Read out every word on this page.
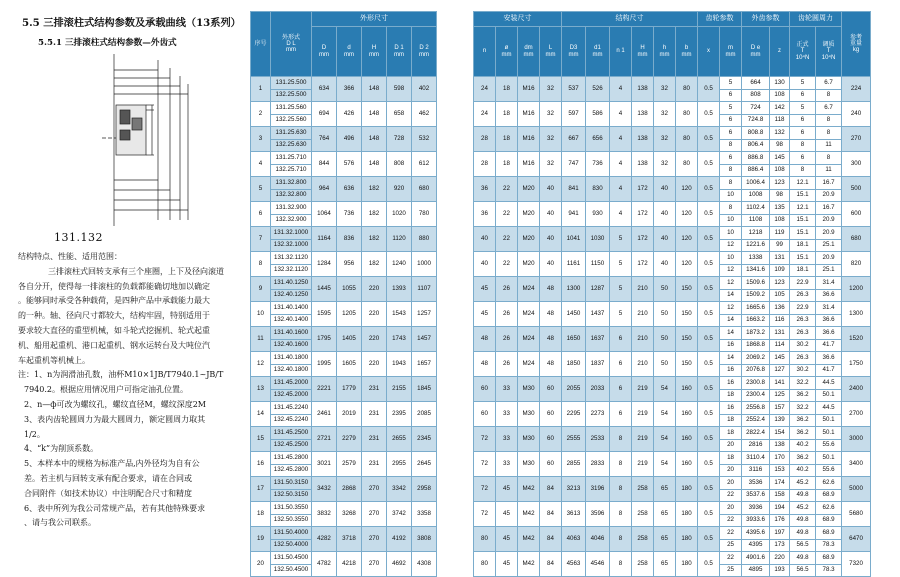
5.5 三排滚柱式结构参数及承载曲线（13系列）
5.5.1 三排滚柱式结构参数—外齿式
131.132

结构特点、性能、适用范围：

三排滚柱式回转支承有三个座圈，上下及径向滚道

各自分开，使得每一排滚柱的负载都能确切地加以确定

。能够同时承受各种载荷，是四种产品中承载能力最大

的一种。轴、径向尺寸都较大，结构牢固，特别适用于

要求较大直径的重型机械，如斗轮式挖掘机、轮式起重

机、船用起重机、港口起重机、钢水运转台及大吨位汽

车起重机等机械上。

注：1、n为润滑油孔数，油杯M10×1JB/T7940.1~JB/T

7940.2。根据应用情况用户可指定油孔位置。

2、n—ф可改为螺纹孔，螺纹直径M，螺纹深度2M

3、表内齿轮圆周力为最大圆周力，额定圆周力取其

1/2。

4、“k”为削顶系数。

5、本样本中的规格为标准产品,内外径均为自有公

差。若主机与回转支承有配合要求，请在合同或

合同附件（如技术协议）中注明配合尺寸和精度

6、表中所列为我公司常规产品，若有其他特殊要求

、请与我公司联系。

序号	外形式
D L
mm	外形尺寸				
		D
mm	d
mm	H
mm	D 1
mm	D 2
mm
1	131.25.500	634	366	148	598	402
	132.25.500					
2	131.25.560	694	426	148	658	462
	132.25.560					
3	131.25.630	764	496	148	728	532
	132.25.630					
4	131.25.710	844	576	148	808	612
	132.25.710					
5	131.32.800	964	636	182	920	680
	132.32.800					
6	131.32.900	1064	736	182	1020	780
	132.32.900					
7	131.32.1000	1164	836	182	1120	880
	132.32.1000					
8	131.32.1120	1284	956	182	1240	1000
	132.32.1120					
9	131.40.1250	1445	1055	220	1393	1107
	132.40.1250					
10	131.40.1400	1595	1205	220	1543	1257
	132.40.1400					
11	131.40.1600	1795	1405	220	1743	1457
	132.40.1600					
12	131.40.1800	1995	1605	220	1943	1657
	132.40.1800					
13	131.45.2000	2221	1779	231	2155	1845
	132.45.2000					
14	131.45.2240	2461	2019	231	2395	2085
	132.45.2240					
15	131.45.2500	2721	2279	231	2655	2345
	132.45.2500					
16	131.45.2800	3021	2579	231	2955	2645
	132.45.2800					
17	131.50.3150	3432	2868	270	3342	2958
	132.50.3150					
18	131.50.3550	3832	3268	270	3742	3358
	132.50.3550					
19	131.50.4000	4282	3718	270	4192	3808
	132.50.4000					
20	131.50.4500	4782	4218	270	4692	4308
	132.50.4500					
安装尺寸				结构尺寸						齿轮参数		外齿参数		齿轮圆周力		参考
重量
kg
n	ø
mm	dm
mm	L
mm	D3
mm	d1
mm	n 1	H
mm	h
mm	b
mm	x	m
mm	D e
mm	z	正式
T
10⁴N	调质
T
10⁴N	
24	18	M16	32	537	526	4	138	32	80	0.5	5	664	130	5	6.7	224
											6	808	108	6	8	
24	18	M16	32	597	586	4	138	32	80	0.5	5	724	142	5	6.7	240
											6	724.8	118	6	8	
28	18	M16	32	667	656	4	138	32	80	0.5	6	808.8	132	6	8	270
											8	806.4	98	8	11	
28	18	M16	32	747	736	4	138	32	80	0.5	6	886.8	145	6	8	300
											8	886.4	108	8	11	
36	22	M20	40	841	830	4	172	40	120	0.5	8	1006.4	123	12.1	16.7	500
											10	1008	98	15.1	20.9	
36	22	M20	40	941	930	4	172	40	120	0.5	8	1102.4	135	12.1	16.7	600
											10	1108	108	15.1	20.9	
40	22	M20	40	1041	1030	5	172	40	120	0.5	10	1218	119	15.1	20.9	680
											12	1221.6	99	18.1	25.1	
40	22	M20	40	1161	1150	5	172	40	120	0.5	10	1338	131	15.1	20.9	820
											12	1341.6	109	18.1	25.1	
45	26	M24	48	1300	1287	5	210	50	150	0.5	12	1509.6	123	22.9	31.4	1200
											14	1509.2	105	26.3	36.6	
45	26	M24	48	1450	1437	5	210	50	150	0.5	12	1665.6	136	22.9	31.4	1300
											14	1663.2	116	26.3	36.6	
48	26	M24	48	1650	1637	6	210	50	150	0.5	14	1873.2	131	26.3	36.6	1520
											16	1868.8	114	30.2	41.7	
48	26	M24	48	1850	1837	6	210	50	150	0.5	14	2069.2	145	26.3	36.6	1750
											16	2076.8	127	30.2	41.7	
60	33	M30	60	2055	2033	6	219	54	160	0.5	16	2300.8	141	32.2	44.5	2400
											18	2300.4	125	36.2	50.1	
60	33	M30	60	2295	2273	6	219	54	160	0.5	16	2556.8	157	32.2	44.5	2700
											18	2552.4	139	36.2	50.1	
72	33	M30	60	2555	2533	8	219	54	160	0.5	18	2822.4	154	36.2	50.1	3000
											20	2816	138	40.2	55.6	
72	33	M30	60	2855	2833	8	219	54	160	0.5	18	3110.4	170	36.2	50.1	3400
											20	3116	153	40.2	55.6	
72	45	M42	84	3213	3196	8	258	65	180	0.5	20	3536	174	45.2	62.6	5000
											22	3537.6	158	49.8	68.9	
72	45	M42	84	3613	3596	8	258	65	180	0.5	20	3936	194	45.2	62.6	5680
											22	3933.6	176	49.8	68.9	
80	45	M42	84	4063	4046	8	258	65	180	0.5	22	4395.6	197	49.8	68.9	6470
											25	4395	173	56.5	78.3	
80	45	M42	84	4563	4546	8	258	65	180	0.5	22	4901.6	220	49.8	68.9	7320
											25	4895	193	56.5	78.3	
